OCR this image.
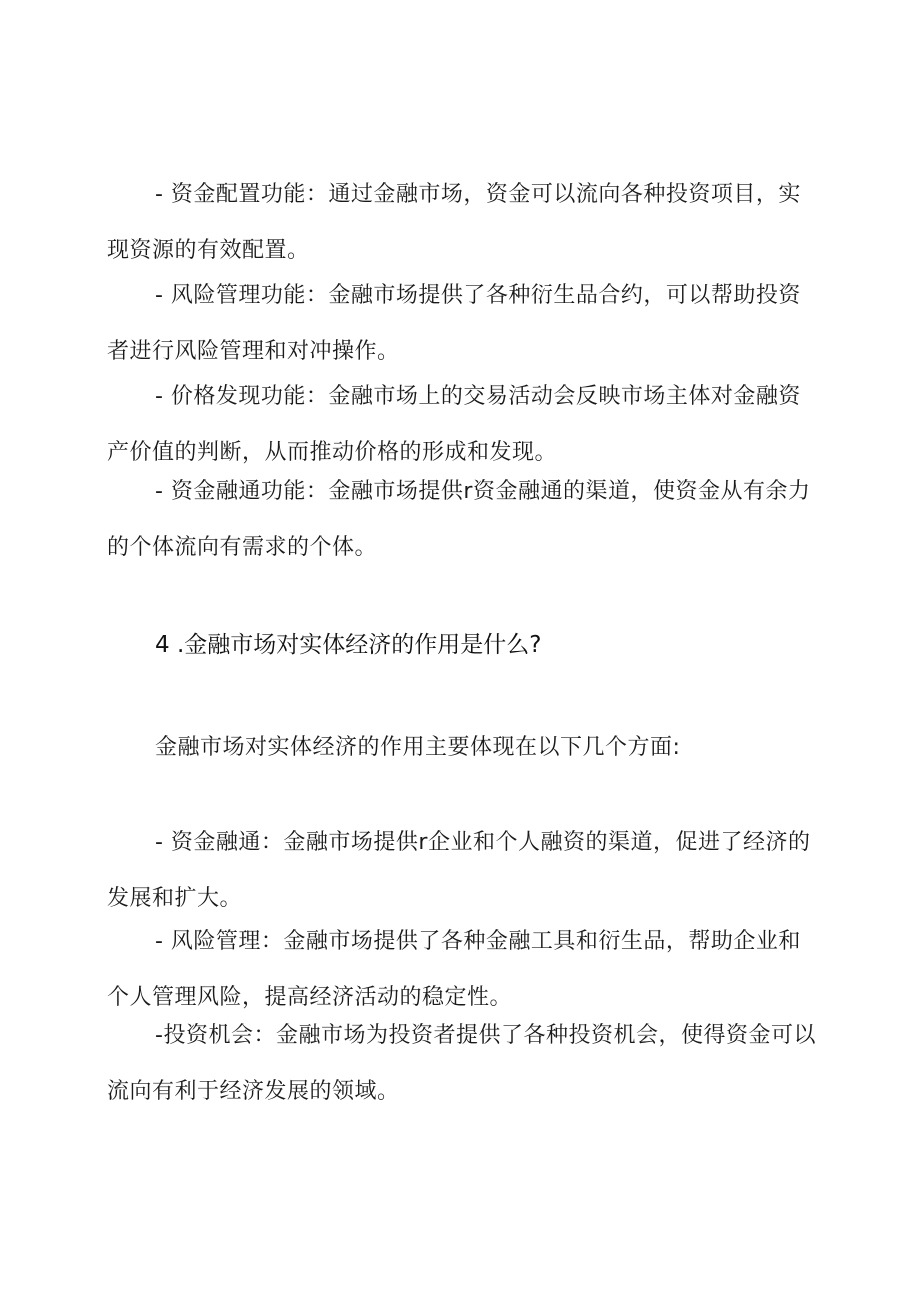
- 资金配置功能：通过金融市场，资金可以流向各种投资项目，实现资源的有效配置。

- 风险管理功能：金融市场提供了各种衍生品合约，可以帮助投资者进行风险管理和对冲操作。

- 价格发现功能：金融市场上的交易活动会反映市场主体对金融资产价值的判断，从而推动价格的形成和发现。

- 资金融通功能：金融市场提供r资金融通的渠道，使资金从有余力的个体流向有需求的个体。

4 .金融市场对实体经济的作用是什么?

金融市场对实体经济的作用主要体现在以下几个方面:

- 资金融通：金融市场提供r企业和个人融资的渠道，促进了经济的发展和扩大。

- 风险管理：金融市场提供了各种金融工具和衍生品，帮助企业和个人管理风险，提高经济活动的稳定性。

-投资机会：金融市场为投资者提供了各种投资机会，使得资金可以流向有利于经济发展的领域。
